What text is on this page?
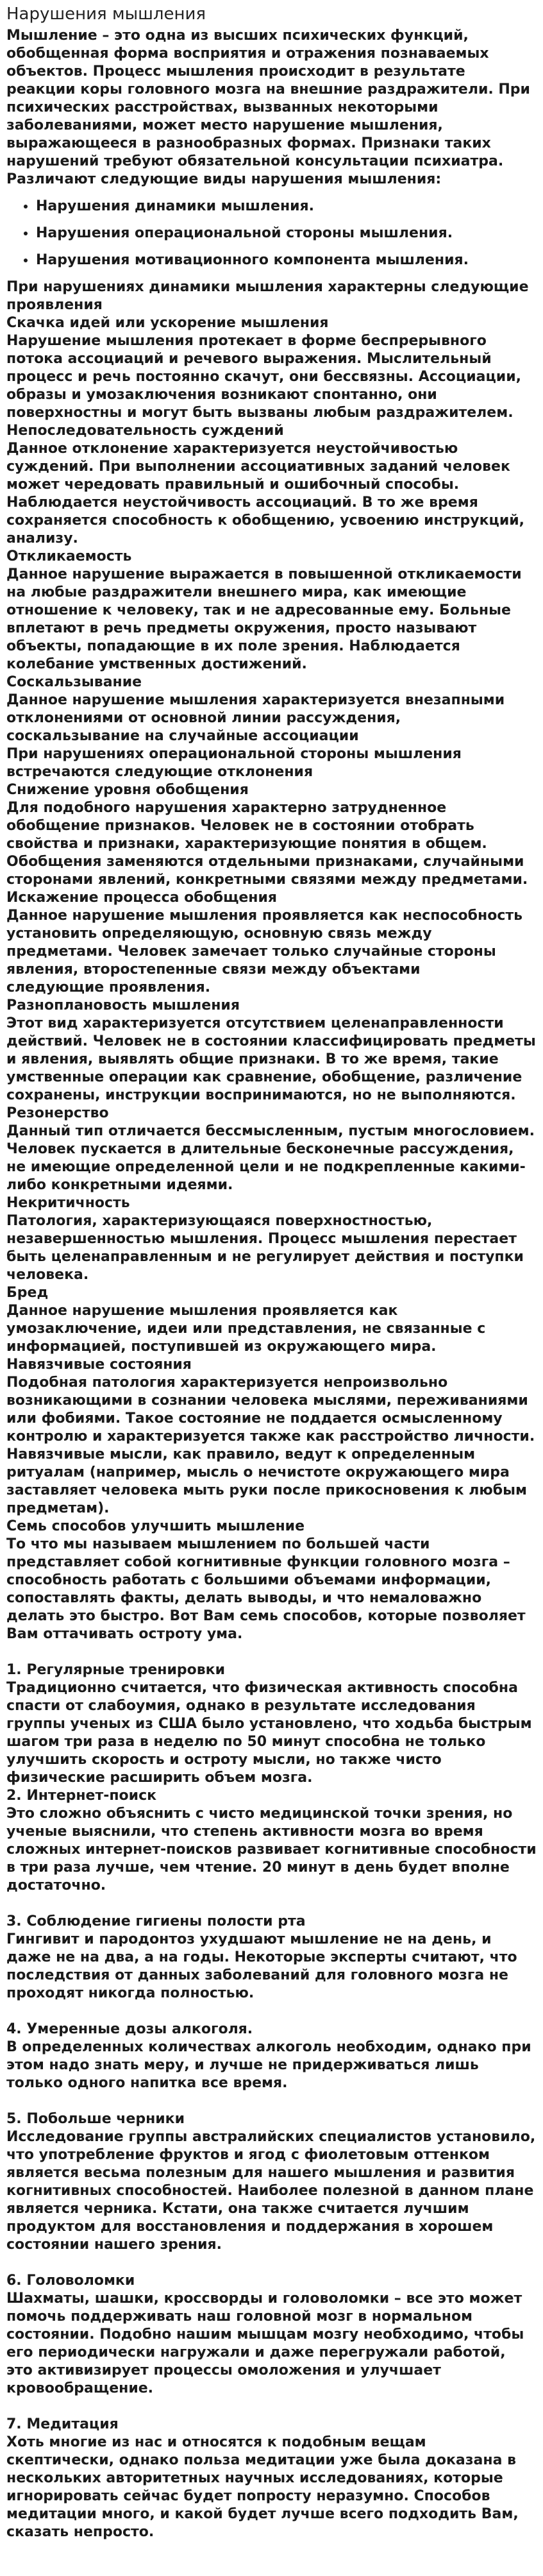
Нарушения мышления

Мышление – это одна из высших психических функций, обобщенная форма восприятия и отражения познаваемых объектов. Процесс мышления происходит в результате реакции коры головного мозга на внешние раздражители. При психических расстройствах, вызванных некоторыми заболеваниями, может место нарушение мышления, выражающееся в разнообразных формах. Признаки таких нарушений требуют обязательной консультации психиатра.

Различают следующие виды нарушения мышления:

• Нарушения динамики мышления.
• Нарушения операциональной стороны мышления.
• Нарушения мотивационного компонента мышления.

При нарушениях динамики мышления характерны следующие проявления

Скачка идей или ускорение мышления

Нарушение мышления протекает в форме беспрерывного потока ассоциаций и речевого выражения. Мыслительный процесс и речь постоянно скачут, они бессвязны. Ассоциации, образы и умозаключения возникают спонтанно, они поверхностны и могут быть вызваны любым раздражителем.

Непоследовательность суждений

Данное отклонение характеризуется неустойчивостью суждений. При выполнении ассоциативных заданий человек может чередовать правильный и ошибочный способы. Наблюдается неустойчивость ассоциаций. В то же время сохраняется способность к обобщению, усвоению инструкций, анализу.

Откликаемость

Данное нарушение выражается в повышенной откликаемости на любые раздражители внешнего мира, как имеющие отношение к человеку, так и не адресованные ему. Больные вплетают в речь предметы окружения, просто называют объекты, попадающие в их поле зрения. Наблюдается колебание умственных достижений.

Соскальзывание

Данное нарушение мышления характеризуется внезапными отклонениями от основной линии рассуждения, соскальзывание на случайные ассоциации

При нарушениях операциональной стороны мышления встречаются следующие отклонения

Снижение уровня обобщения

Для подобного нарушения характерно затрудненное обобщение признаков. Человек не в состоянии отобрать свойства и признаки, характеризующие понятия в общем. Обобщения заменяются отдельными признаками, случайными сторонами явлений, конкретными связями между предметами.

Искажение процесса обобщения

Данное нарушение мышления проявляется как неспособность установить определяющую, основную связь между предметами. Человек замечает только случайные стороны явления, второстепенные связи между объектами

следующие проявления.

Разноплановость мышления

Этот вид характеризуется отсутствием целенаправленности действий. Человек не в состоянии классифицировать предметы и явления, выявлять общие признаки. В то же время, такие умственные операции как сравнение, обобщение, различение сохранены, инструкции воспринимаются, но не выполняются.

Резонерство

Данный тип отличается бессмысленным, пустым многословием. Человек пускается в длительные бесконечные рассуждения, не имеющие определенной цели и не подкрепленные какими-либо конкретными идеями.

Некритичность

Патология, характеризующаяся поверхностностью, незавершенностью мышления. Процесс мышления перестает быть целенаправленным и не регулирует действия и поступки человека.

Бред

Данное нарушение мышления проявляется как умозаключение, идеи или представления, не связанные с информацией, поступившей из окружающего мира.

Навязчивые состояния

Подобная патология характеризуется непроизвольно возникающими в сознании человека мыслями, переживаниями или фобиями. Такое состояние не поддается осмысленному контролю и характеризуется также как расстройство личности. Навязчивые мысли, как правило, ведут к определенным ритуалам (например, мысль о нечистоте окружающего мира заставляет человека мыть руки после прикосновения к любым предметам).

Семь способов улучшить мышление

То что мы называем мышлением по большей части представляет собой когнитивные функции головного мозга – способность работать с большими объемами информации, сопоставлять факты, делать выводы, и что немаловажно делать это быстро. Вот Вам семь способов, которые позволяет Вам оттачивать остроту ума.

1. Регулярные тренировки

Традиционно считается, что физическая активность способна спасти от слабоумия, однако в результате исследования группы ученых из США было установлено, что ходьба быстрым шагом три раза в неделю по 50 минут способна не только улучшить скорость и остроту мысли, но также чисто физические расширить объем мозга.

2. Интернет-поиск

Это сложно объяснить с чисто медицинской точки зрения, но ученые выяснили, что степень активности мозга во время сложных интернет-поисков развивает когнитивные способности в три раза лучше, чем чтение. 20 минут в день будет вполне достаточно.

3. Соблюдение гигиены полости рта

Гингивит и пародонтоз ухудшают мышление не на день, и даже не на два, а на годы. Некоторые эксперты считают, что последствия от данных заболеваний для головного мозга не проходят никогда полностью.

4. Умеренные дозы алкоголя.

В определенных количествах алкоголь необходим, однако при этом надо знать меру, и лучше не придерживаться лишь только одного напитка все время.

5. Побольше черники

Исследование группы австралийских специалистов установило, что употребление фруктов и ягод с фиолетовым оттенком является весьма полезным для нашего мышления и развития когнитивных способностей. Наиболее полезной в данном плане является черника. Кстати, она также считается лучшим продуктом для восстановления и поддержания в хорошем состоянии нашего зрения.

6. Головоломки

Шахматы, шашки, кроссворды и головоломки – все это может помочь поддерживать наш головной мозг в нормальном состоянии. Подобно нашим мышцам мозгу необходимо, чтобы его периодически нагружали и даже перегружали работой, это активизирует процессы омоложения и улучшает кровообращение.

7. Медитация

Хоть многие из нас и относятся к подобным вещам скептически, однако польза медитации уже была доказана в нескольких авторитетных научных исследованиях, которые игнорировать сейчас будет попросту неразумно. Способов медитации много, и какой будет лучше всего подходить Вам, сказать непросто.
